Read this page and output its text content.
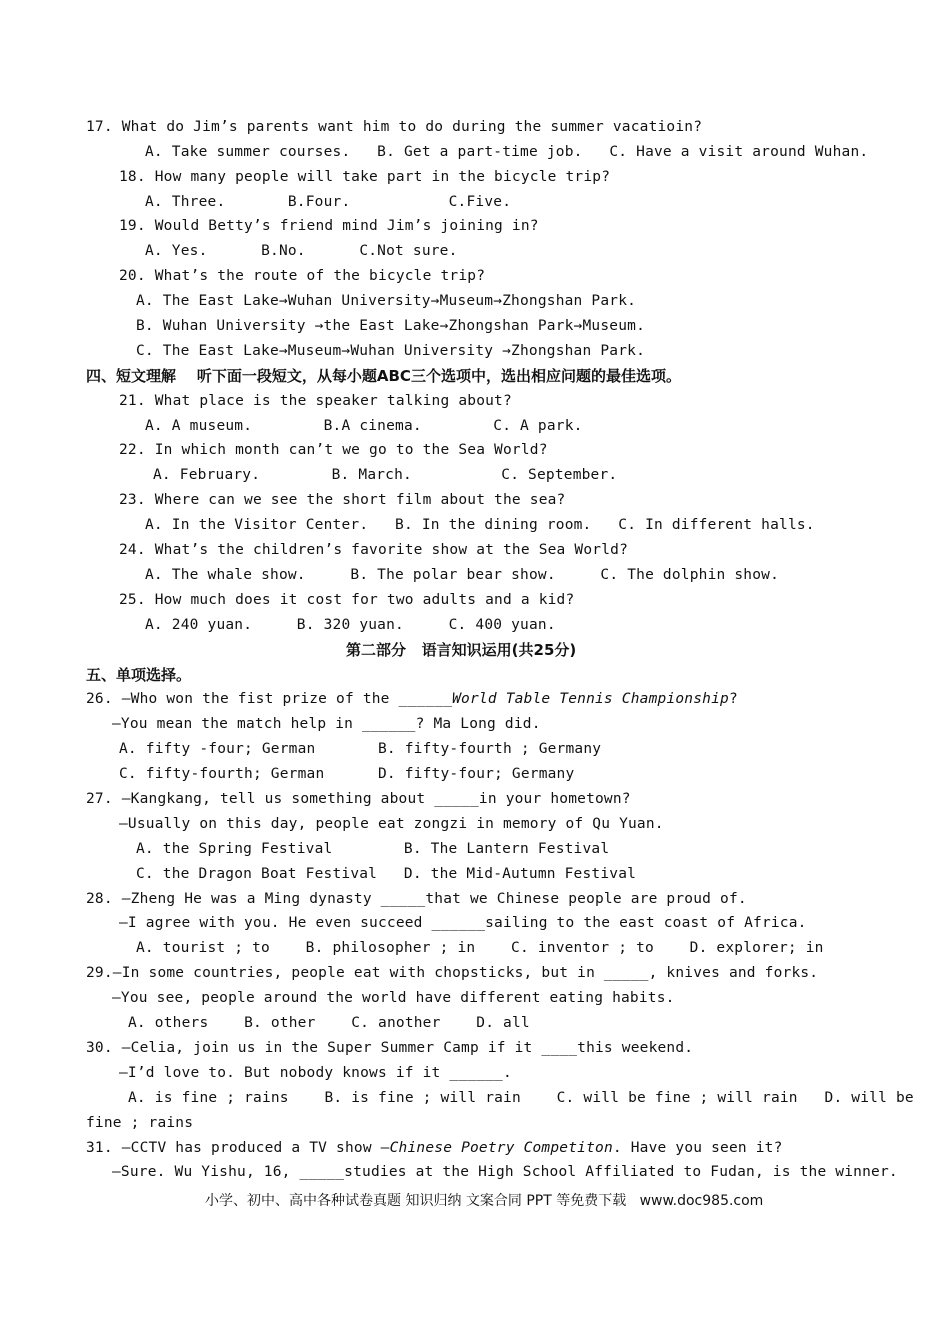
17. What do Jim’s parents want him to do during the summer vacatioin?
A. Take summer courses.   B. Get a part-time job.   C. Have a visit around Wuhan.
18. How many people will take part in the bicycle trip?
A. Three.       B.Four.           C.Five.
19. Would Betty’s friend mind Jim’s joining in?
A. Yes.      B.No.      C.Not sure.
20. What’s the route of the bicycle trip?
A. The East Lake→Wuhan University→Museum→Zhongshan Park.
B. Wuhan University →the East Lake→Zhongshan Park→Museum.
C. The East Lake→Museum→Wuhan University →Zhongshan Park.
四、短文理解    听下面一段短文，从每小题ABC三个选项中，选出相应问题的最佳选项。
21. What place is the speaker talking about?
A. A museum.        B.A cinema.        C. A park.
22. In which month can’t we go to the Sea World?
A. February.        B. March.          C. September.
23. Where can we see the short film about the sea?
A. In the Visitor Center.   B. In the dining room.   C. In different halls.
24. What’s the children’s favorite show at the Sea World?
A. The whale show.     B. The polar bear show.     C. The dolphin show.
25. How much does it cost for two adults and a kid?
A. 240 yuan.     B. 320 yuan.     C. 400 yuan.
第二部分   语言知识运用(共25分)
五、单项选择。
26. —Who won the fist prize of the ______World Table Tennis Championship?
—You mean the match help in ______? Ma Long did.
A. fifty -four; German       B. fifty-fourth ; Germany
C. fifty-fourth; German      D. fifty-four; Germany
27. —Kangkang, tell us something about _____in your hometown?
—Usually on this day, people eat zongzi in memory of Qu Yuan.
A. the Spring Festival        B. The Lantern Festival
C. the Dragon Boat Festival   D. the Mid-Autumn Festival
28. —Zheng He was a Ming dynasty _____that we Chinese people are proud of.
—I agree with you. He even succeed ______sailing to the east coast of Africa.
A. tourist ; to    B. philosopher ; in    C. inventor ; to    D. explorer; in
29.—In some countries, people eat with chopsticks, but in _____, knives and forks.
—You see, people around the world have different eating habits.
A. others    B. other    C. another    D. all
30. —Celia, join us in the Super Summer Camp if it ____this weekend.
—I’d love to. But nobody knows if it ______.
A. is fine ; rains    B. is fine ; will rain    C. will be fine ; will rain   D. will be
fine ; rains
31. —CCTV has produced a TV show —Chinese Poetry Competiton. Have you seen it?
—Sure. Wu Yishu, 16, _____studies at the High School Affiliated to Fudan, is the winner.
小学、初中、高中各种试卷真题 知识归纳 文案合同 PPT 等免费下载   www.doc985.com
